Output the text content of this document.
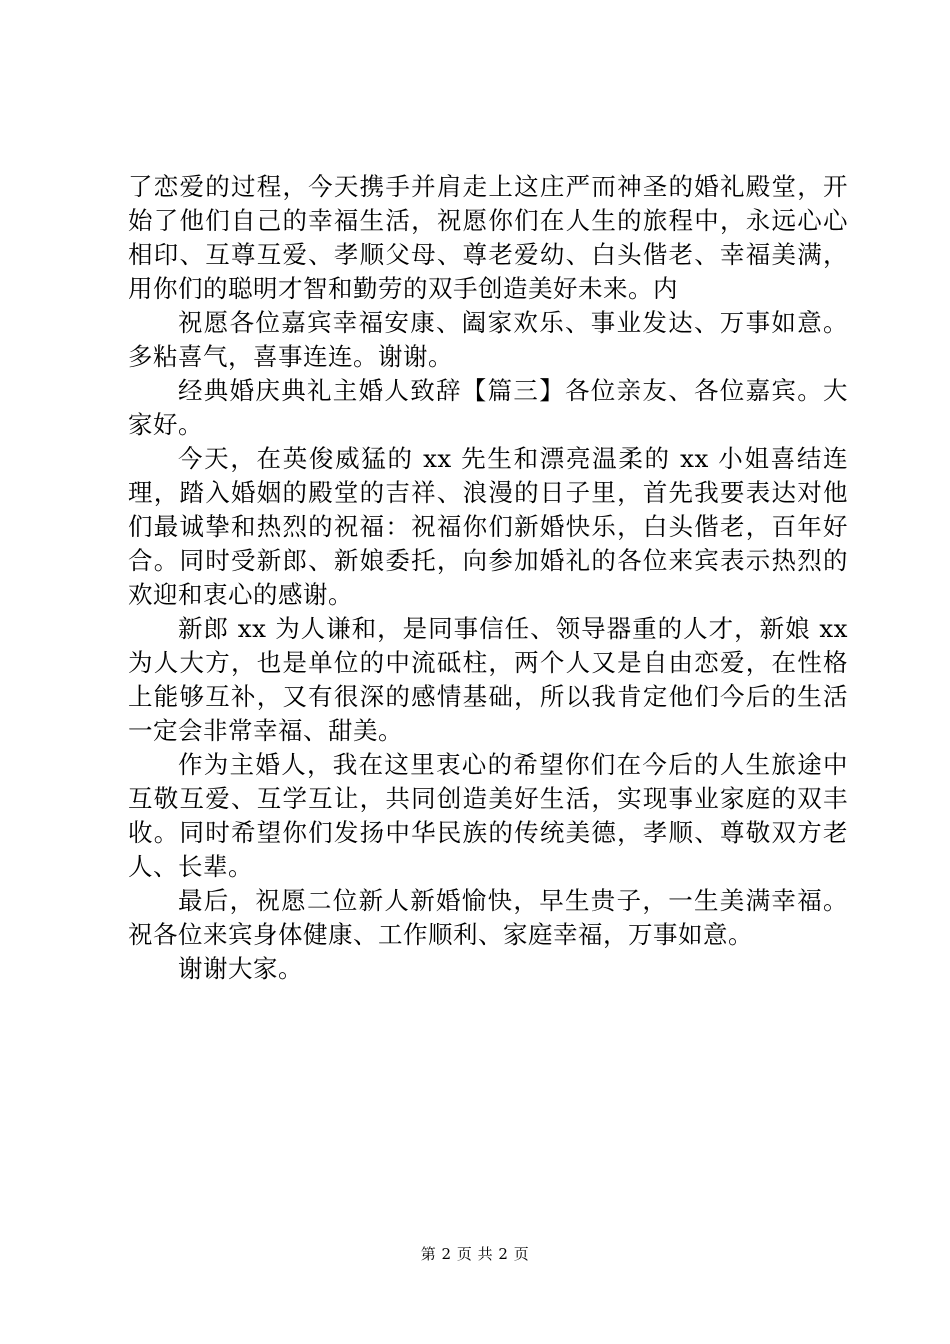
了恋爱的过程，今天携手并肩走上这庄严而神圣的婚礼殿堂，开始了他们自己的幸福生活，祝愿你们在人生的旅程中，永远心心相印、互尊互爱、孝顺父母、尊老爱幼、白头偕老、幸福美满，用你们的聪明才智和勤劳的双手创造美好未来。内

祝愿各位嘉宾幸福安康、阖家欢乐、事业发达、万事如意。多粘喜气，喜事连连。谢谢。

经典婚庆典礼主婚人致辞【篇三】各位亲友、各位嘉宾。大家好。

今天，在英俊威猛的 xx 先生和漂亮温柔的 xx 小姐喜结连理，踏入婚姻的殿堂的吉祥、浪漫的日子里，首先我要表达对他们最诚挚和热烈的祝福：祝福你们新婚快乐，白头偕老，百年好合。同时受新郎、新娘委托，向参加婚礼的各位来宾表示热烈的欢迎和衷心的感谢。

新郎 xx 为人谦和，是同事信任、领导器重的人才，新娘 xx 为人大方，也是单位的中流砥柱，两个人又是自由恋爱，在性格上能够互补，又有很深的感情基础，所以我肯定他们今后的生活一定会非常幸福、甜美。

作为主婚人，我在这里衷心的希望你们在今后的人生旅途中互敬互爱、互学互让，共同创造美好生活，实现事业家庭的双丰收。同时希望你们发扬中华民族的传统美德，孝顺、尊敬双方老人、长辈。

最后，祝愿二位新人新婚愉快，早生贵子，一生美满幸福。祝各位来宾身体健康、工作顺利、家庭幸福，万事如意。

谢谢大家。

第 2 页 共 2 页
